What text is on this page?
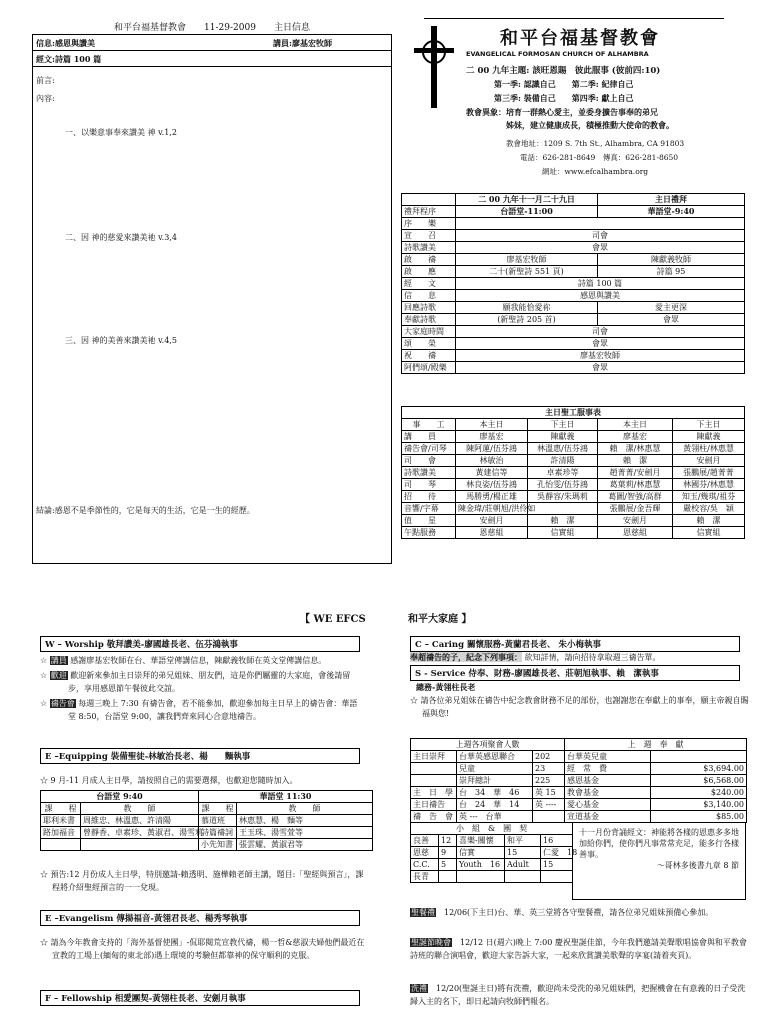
和平台福基督教會　　11-29-2009　　主日信息
信息:感恩與讚美	講員:廖基宏牧師
經文:詩篇 100 篇
前言:
內容:
一、以樂意事奉來讚美 神 v.1,2
二、因 神的慈愛來讚美祂 v.3,4
三、因 神的美善來讚美祂 v.4,5
結論:感恩不是季節性的，它是每天的生活，它是一生的經歷。
和平台福基督教會
EVANGELICAL FORMOSAN CHURCH OF ALHAMBRA
二 00 九年主題: 該旺恩賜　彼此服事 (彼前四:10)
第一季: 認識自己　　第二季: 紀律自己
第三季: 裝備自己　　第四季: 獻上自己
教會異象：培育一群熱心愛主，並委身擴告事奉的弟兄
姊妹，建立健康成長，積極推動大使命的教會。
教會地址：1209 S. 7th St., Alhambra, CA 91803
電話：626-281-8649　傳真：626-281-8650
網址：www.efcalhambra.org
	二 00 九年十一月二十九日	主日禮拜
禮拜程序	台語堂-11:00	華語堂-9:40
序　　樂		
宣　　召	司會	
詩歌讚美	會眾	
啟　　禱	廖基宏牧師	陳獻義牧師
啟　　應	二十(新聖詩 551 頁)	詩篇 95
經　　文	詩篇 100 篇	
信　　息	感恩與讚美	
回應詩歌	願我能恰愛祢	愛主更深
奉獻詩歌	(新聖詩 205 首)	會眾
大家庭時間	司會	
頌　　榮	會眾	
祝　　禱	廖基宏牧師	
阿們頌/殿樂	會眾	
主日聖工服事表				
事　　工	本主日	下主日	本主日	下主日
講　　員	廖基宏	陳獻義	廖基宏	陳獻義
禱告會/司琴	陳阿蓮/伍芬鴻	林溫惠/伍芬鴻	賴　潔/林惠慧	黃翎柱/林惠慧
司　　會	林敏治	許清陽	賴　潔	安劍月
詩歌讚美	黃建信等	卓素珍等	趙菁菁/安劍月	張鵬展/趙菁菁
司　　琴	林良姿/伍芬鴻	孔怡雯/伍芬鴻	葛葉莉/林惠慧	林國芬/林惠慧
招　　待	馬勝勇/楊正雄	吳靜容/朱瑪莉	葛圖/智強/高群	知玉/幾琪/祖芬
音響/字幕	陳金瑋/莊朝旭/洪伶如		張鵬展/金吾輝	嚴校容/吳　穎
值　　星	安劍月	賴　潔	安劍月	賴　潔
午點服務	恩慈組	信實組	恩慈組	信實組
【 WE EFCS	和平大家庭 】
W – Worship 敬拜讚美-廖國雄長老、伍芬鴻執事
☆ 講員 感謝廖基宏牧師在台、華語堂傳講信息，陳獻義牧師在英文堂傳講信息。
☆ 歡迎 歡迎新來參加主日崇拜的弟兄姐妹、朋友們，這是你們屬靈的大家庭，會後請留步，享用感恩節午餐彼此交誼。
☆ 禱告會 每週三晚上 7:30 有禱告會，若不能參加，歡迎參加每主日早上的禱告會：華語堂 8:50，台語堂 9:00，讓我們齊來同心合意地禱告。
E –Equipping 裝備聖徒-林敏治長老、楊　　麵執事
☆ 9 月-11 月成人主日學，請按照自己的需要選擇，也歡迎您隨時加入。
台語堂 9:40		華語堂 11:30	
課　　程	教　　師	課　　程	教　　師
耶利米書	周維忠、林溫惠、許清陽	慕道班	林惠慧、楊　麵等
路加福音	曾靜香、卓素珍、黃淑君、湯雪莉	詩篇禱詞	王玉珠、湯雪萱等
		小先知書	張雲耀、黃淑君等
☆ 預告:12 月份成人主日學，特別邀請-賴透明、施樺賴老師主講，題目:「聖經與預言」，課程將介紹聖經預言的一一兌現。
E –Evangelism 傳揚福音-黃翎君長老、楊秀琴執事
☆ 請為今年教會支持的「海外基督使團」-侃耶閱荒宣教代禱，楊一哲&慈淑夫婦他們最近在宣教的工場上(緬甸的東北部)遇上環境的考驗但都靠神的保守順利的克服。
F – Fellowship 相愛團契-黃翎柱長老、安劍月執事
C – Caring 關懷服務-黃蘭君長老、 朱小梅執事
奉超禱告的子，紀念下列事項： 欲知詳情，請向招待拿取週三禱告單。
S - Service 侍奉、財務-廖國雄長老、莊朝旭執事、賴　潔執事
總務-黃翎柱長老
☆ 請各位弟兄姐妹在禱告中紀念教會財務不足的部份，也謝謝您在奉獻上的事奉，願主帝親自賜福與您!
上週各項聚會人數			上　週　奉　獻	
主日崇拜	台華英感恩聯合	202	台華英兒童	
	兒童	23	經　常　費	$3,694.00
	崇拜總計	225	感恩基金	$6,568.00
主　日　學	台　34　華　46	英 15	教會基金	$240.00
主日禱告	台　24　華　14	英 ----	愛心基金	$3,140.00
禱　告　會	英 ---　台華		宣道基金	$85.00
小　組　&　團　契				
良善	12	喜樂-關懷	和平	16
恩慈	9	信實	15	仁愛　18
C.C.	5	Youth　16	Adult	15
長青				
十一月份背誦經文：神能將各樣的恩惠多多地加給你們，使你們凡事常常充足，能多行各樣善事。
～哥林多後書九章 8 節
聖餐禮　 12/06(下主日)台、華、英三堂將各守聖餐禮，請各位弟兄姐妹預備心參加。
聖誕節晚會　 12/12 日(週六)晚上 7:00 慶祝聖誕佳節，今年我們邀請美聲歌唱協會與和平教會詩班的聯合演唱會，歡迎大家告訴大家，一起來欣賞讚美歌聲的享宴(請着夾頁)。
洗禮　 12/20(聖誕主日)將有洗禮，歡迎尚未受洗的弟兄姐妹們，把握機會在有意義的日子受洗歸入主的名下，即日起請向牧師們報名。
